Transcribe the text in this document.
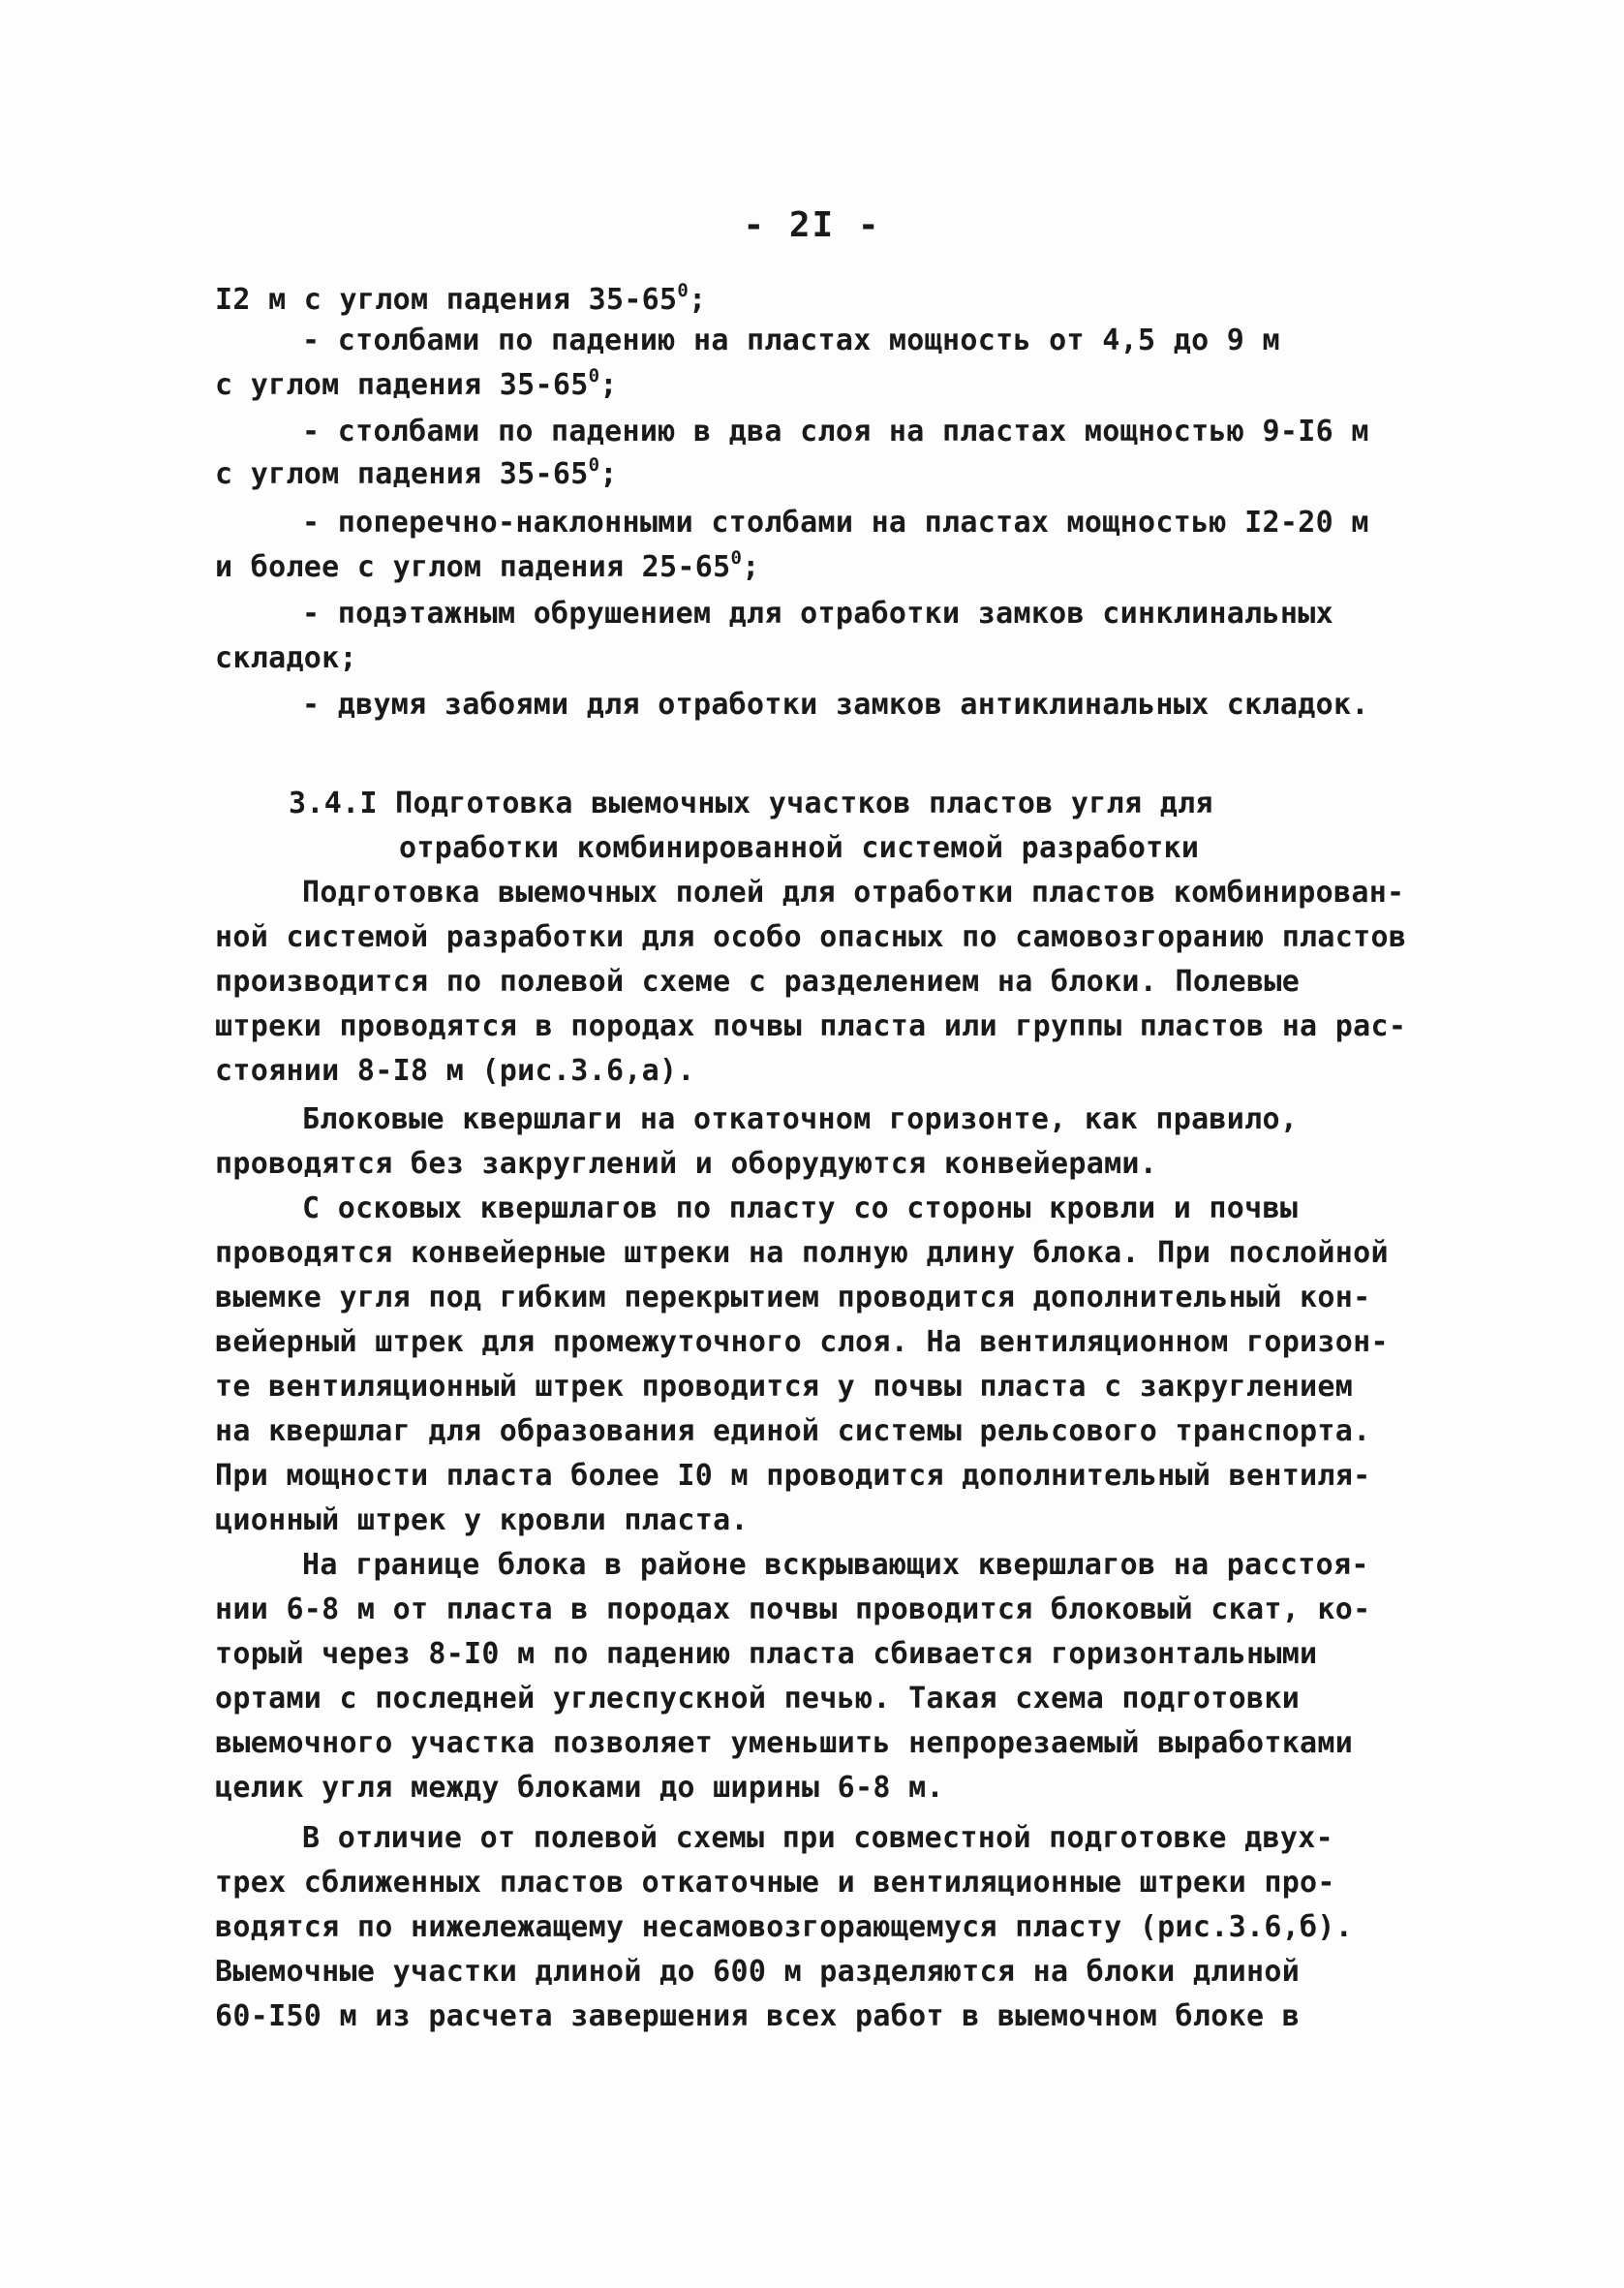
- 2I -
I2 м с углом падения $35-65^0$;
- столбами по падению на пластах мощность от 4,5 до 9 м
с углом падения $35-65^0$;
- столбами по падению в два слоя на пластах мощностью 9-I6 м
с углом падения $35-65^0$;
- поперечно-наклонными столбами на пластах мощностью I2-20 м
и более с углом падения $25-65^0$;
- подэтажным обрушением для отработки замков синклинальных
складок;
- двумя забоями для отработки замков антиклинальных складок.
3.4.I Подготовка выемочных участков пластов угля для
отработки комбинированной системой разработки
Подготовка выемочных полей для отработки пластов комбинирован-
ной системой разработки для особо опасных по самовозгоранию пластов
производится по полевой схеме с разделением на блоки. Полевые
штреки проводятся в породах почвы пласта или группы пластов на рас-
стоянии 8-I8 м (рис.3.6,а).
Блоковые квершлаги на откаточном горизонте, как правило,
проводятся без закруглений и оборудуются конвейерами.
С осковых квершлагов по пласту со стороны кровли и почвы
проводятся конвейерные штреки на полную длину блока. При послойной
выемке угля под гибким перекрытием проводится дополнительный кон-
вейерный штрек для промежуточного слоя. На вентиляционном горизон-
те вентиляционный штрек проводится у почвы пласта с закруглением
на квершлаг для образования единой системы рельсового транспорта.
При мощности пласта более I0 м проводится дополнительный вентиля-
ционный штрек у кровли пласта.
На границе блока в районе вскрывающих квершлагов на расстоя-
нии 6-8 м от пласта в породах почвы проводится блоковый скат, ко-
торый через 8-I0 м по падению пласта сбивается горизонтальными
ортами с последней углеспускной печью. Такая схема подготовки
выемочного участка позволяет уменьшить непрорезаемый выработками
целик угля между блоками до ширины 6-8 м.
В отличие от полевой схемы при совместной подготовке двух-
трех сближенных пластов откаточные и вентиляционные штреки про-
водятся по нижележащему несамовозгорающемуся пласту (рис.3.6,б).
Выемочные участки длиной до 600 м разделяются на блоки длиной
60-I50 м из расчета завершения всех работ в выемочном блоке в
